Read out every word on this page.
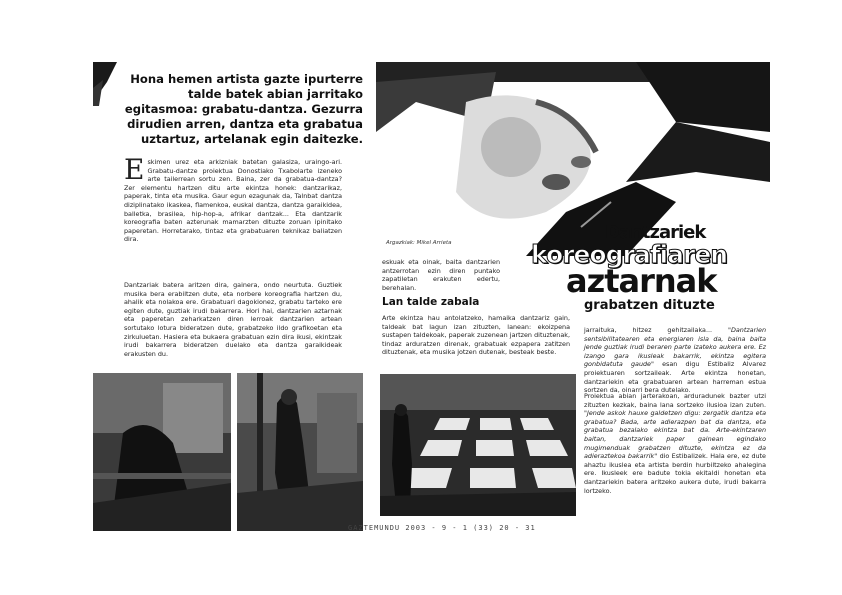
Hona hemen artista gazte ipurterre talde batek abian jarritako egitasmoa: grabatu-dantza. Gezurra dirudien arren, dantza eta grabatua uztartuz, artelanak egin daitezke.
E skimen urez eta arkizniak batetan galasiza, uraingo-ari. Grabatu-dantze proiektua Donostiako Txabolarte izeneko arte tailerrean sortu zen. Baina, zer da grabatua-dantza? Zer elementu hartzen ditu arte ekintza honek: dantzarikaz, paperak, tinta eta musika. Gaur egun ezagunak da, Talnbat dantza diziplinatako ikaskea, flamenkoa, euskal dantza, dantza garaikidea, balletka, brasilea, hip-hop-a, afrikar dantzak... Eta dantzarik koreografia baten azterunak mamarzten dituzte zoruan ipinitako paperetan. Horretarako, tintaz eta grabatuaren teknikaz baliatzen dira.
Dantzariak batera aritzen dira, gainera, ondo neurtuta. Guztiek musika bera erabiltzen dute, eta norbere koreografia hartzen du, ahalik eta nolakoa ere. Grabatuari dagokionez, grabatu tarteko ere egiten dute, guztiak irudi bakarrera. Hori hai, dantzarien aztarnak eta paperetan zeharkatzen diren lerroak dantzarien artean sortutako lotura bideratzen dute, grabatzeko ildo grafikoetan eta zirkuluetan. Hasiera eta bukaera grabatuan ezin dira ikusi, ekintzak irudi bakarrera bideratzen duelako eta dantza garaikideak erakusten du.
Argazkiak: Mikel Arrieta	Dantzariek
koreografiaren
aztarnak
grabatzen dituzte
eskuak eta oinak, baita dantzarien antzerrotan ezin diren puntako zapatiletan erakuten edertu, berehalan.
Lan talde zabala
Arte ekintza hau antolatzeko, hamaika dantzariz gain, taldeak bat lagun izan zituzten, lanean: ekoizpena sustapen taldekoak, paperak zuzenean jartzen dituztenak, tindaz arduratzen direnak, grabatuak ezpapera zatitzen dituztenak, eta musika jotzen dutenak, besteak beste.
jarraituka, hitzez gehitzailaka... "Dantzarien sentsibilitatearen eta energiaren isla da, baina baita jende guztiak irudi beraren parte izateko aukera ere. Ez izango gara ikusleak bakarrik, ekintza egitera gonbidatuta gaude" esan digu Estibaliz Alvarez proiektuaren sortzaileak. Arte ekintza honetan, dantzariekin eta grabatuaren artean harreman estua sortzen da, oinarri bera dutelako.
Proiektua abian jarterakoan, arduradunek bazter utzi zituzten kezkak, baina lana sortzeko ilusioa izan zuten. "Jende askok hauxe galdetzen digu: zergatik dantza eta grabatua? Bada, arte adierazpen bat da dantza, eta grabatua bezalako ekintza bat da. Arte-ekintzaren baitan, dantzariek paper gainean egindako mugimenduak grabatzen dituzte, ekintza ez da adieraztekoa bakarrik" dio Estibalizek. Hala ere, ez dute ahaztu ikuslea eta artista berdin hurbiltzeko ahalegina ere. Ikusleek ere badute tokia ekitaldi honetan eta dantzariekin batera aritzeko aukera dute, irudi bakarra lortzeko.
GAZTEMUNDU 2003 - 9 - 1 (33) 20 - 31
